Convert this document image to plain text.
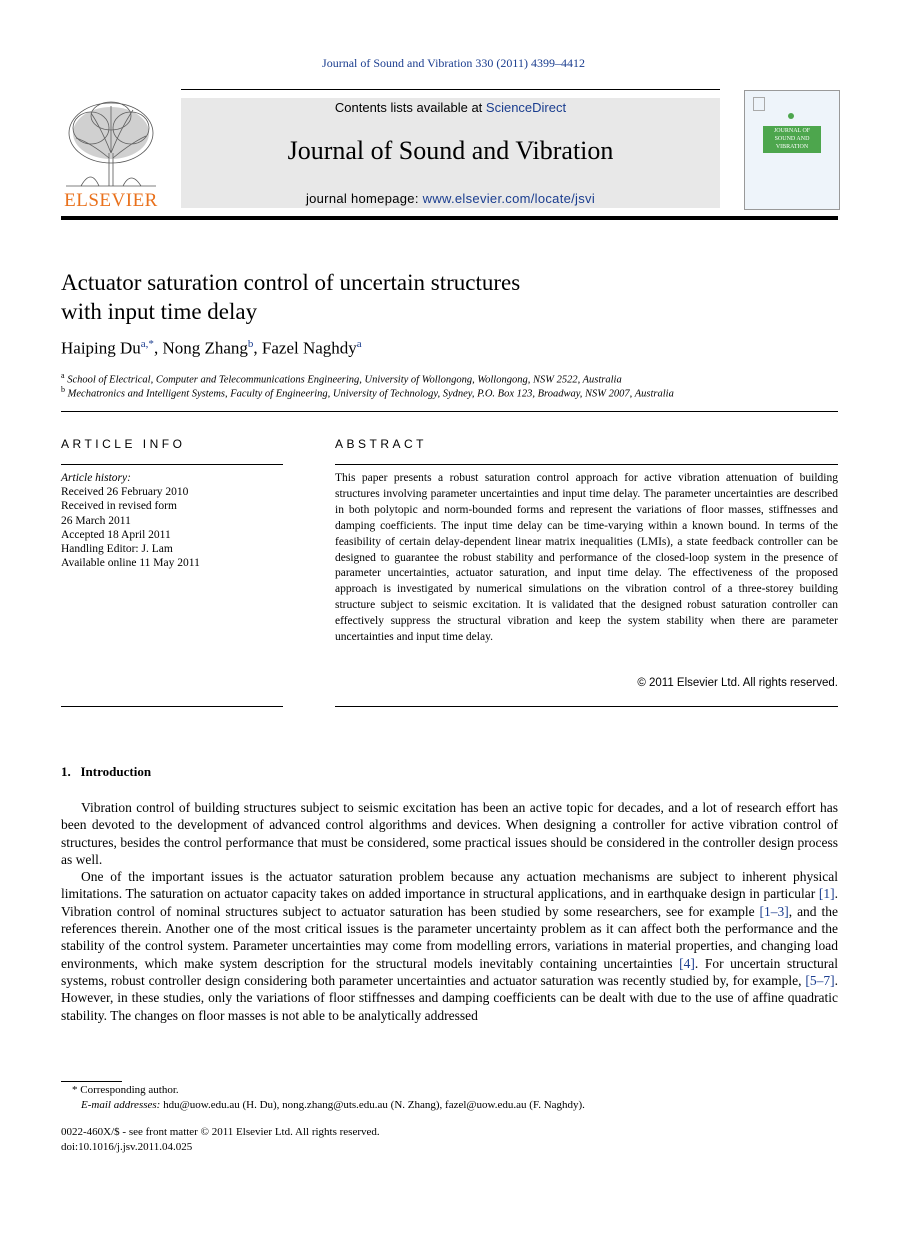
Journal of Sound and Vibration 330 (2011) 4399–4412
ELSEVIER
Contents lists available at ScienceDirect
Journal of Sound and Vibration
journal homepage: www.elsevier.com/locate/jsvi
JOURNAL OF
SOUND AND
VIBRATION
Actuator saturation control of uncertain structures
with input time delay
Haiping $Du^{a,*}$, Nong Zhang$^b$, Fazel Naghdy$^a$
$^a$ School of Electrical, Computer and Telecommunications Engineering, University of Wollongong, Wollongong, NSW 2522, Australia
$^b$ Mechatronics and Intelligent Systems, Faculty of Engineering, University of Technology, Sydney, P.O. Box 123, Broadway, NSW 2007, Australia
ARTICLE INFO
Article history:
Received 26 February 2010
Received in revised form
26 March 2011
Accepted 18 April 2011
Handling Editor: J. Lam
Available online 11 May 2011
ABSTRACT
This paper presents a robust saturation control approach for active vibration attenuation of building structures involving parameter uncertainties and input time delay. The parameter uncertainties are described in both polytopic and norm-bounded forms and represent the variations of floor masses, stiffnesses and damping coefficients. The input time delay can be time-varying within a known bound. In terms of the feasibility of certain delay-dependent linear matrix inequalities (LMIs), a state feedback controller can be designed to guarantee the robust stability and performance of the closed-loop system in the presence of parameter uncertainties, actuator saturation, and input time delay. The effectiveness of the proposed approach is investigated by numerical simulations on the vibration control of a three-storey building structure subject to seismic excitation. It is validated that the designed robust saturation controller can effectively suppress the structural vibration and keep the system stability when there are parameter uncertainties and input time delay.
© 2011 Elsevier Ltd. All rights reserved.
1.   Introduction

Vibration control of building structures subject to seismic excitation has been an active topic for decades, and a lot of research effort has been devoted to the development of advanced control algorithms and devices. When designing a controller for active vibration control of structures, besides the control performance that must be considered, some practical issues should be considered in the controller design process as well.

One of the important issues is the actuator saturation problem because any actuation mechanisms are subject to inherent physical limitations. The saturation on actuator capacity takes on added importance in structural applications, and in earthquake design in particular [1]. Vibration control of nominal structures subject to actuator saturation has been studied by some researchers, see for example [1–3], and the references therein. Another one of the most critical issues is the parameter uncertainty problem as it can affect both the performance and the stability of the control system. Parameter uncertainties may come from modelling errors, variations in material properties, and changing load environments, which make system description for the structural models inevitably containing uncertainties [4]. For uncertain structural systems, robust controller design considering both parameter uncertainties and actuator saturation was recently studied by, for example, [5–7]. However, in these studies, only the variations of floor stiffnesses and damping coefficients can be dealt with due to the use of affine quadratic stability. The changes on floor masses is not able to be analytically addressed

* Corresponding author.
E-mail addresses: hdu@uow.edu.au (H. Du), nong.zhang@uts.edu.au (N. Zhang), fazel@uow.edu.au (F. Naghdy).
0022-460X/$ - see front matter © 2011 Elsevier Ltd. All rights reserved.
doi:10.1016/j.jsv.2011.04.025
